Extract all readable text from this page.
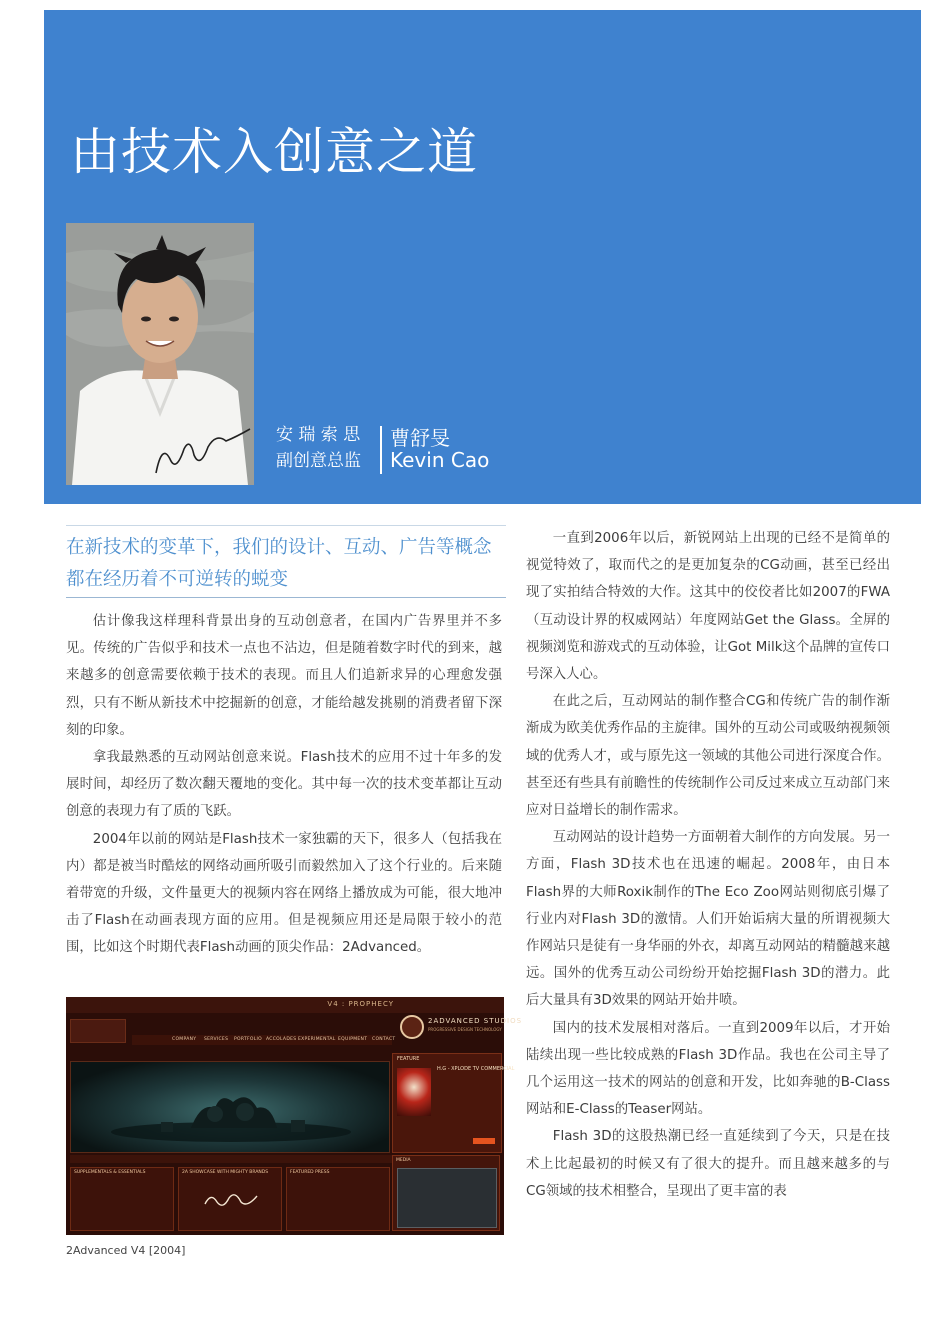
由技术入创意之道
安 瑞 索 思
副创意总监
曹舒旻
Kevin Cao
在新技术的变革下，我们的设计、互动、广告等概念都在经历着不可逆转的蜕变

估计像我这样理科背景出身的互动创意者，在国内广告界里并不多见。传统的广告似乎和技术一点也不沾边，但是随着数字时代的到来，越来越多的创意需要依赖于技术的表现。而且人们追新求异的心理愈发强烈，只有不断从新技术中挖掘新的创意，才能给越发挑剔的消费者留下深刻的印象。

拿我最熟悉的互动网站创意来说。Flash技术的应用不过十年多的发展时间，却经历了数次翻天覆地的变化。其中每一次的技术变革都让互动创意的表现力有了质的飞跃。

2004年以前的网站是Flash技术一家独霸的天下，很多人（包括我在内）都是被当时酷炫的网络动画所吸引而毅然加入了这个行业的。后来随着带宽的升级，文件量更大的视频内容在网络上播放成为可能，很大地冲击了Flash在动画表现方面的应用。但是视频应用还是局限于较小的范围，比如这个时期代表Flash动画的顶尖作品：2Advanced。

V4 : PROPHECY
2ADVANCED STUDIOS
PROGRESSIVE DESIGN TECHNOLOGY
COMPANY SERVICES PORTFOLIO ACCOLADES EXPERIMENTAL EQUIPMENT CONTACT
FEATURE
H.G - XPLODE TV COMMERCIAL
SUPPLEMENTALS & ESSENTIALS	2A SHOWCASE WITH MIGHTY BRANDS	FEATURED PRESS
MEDIA
2Advanced V4 [2004]

一直到2006年以后，新锐网站上出现的已经不是简单的视觉特效了，取而代之的是更加复杂的CG动画，甚至已经出现了实拍结合特效的大作。这其中的佼佼者比如2007的FWA（互动设计界的权威网站）年度网站Get the Glass。全屏的视频浏览和游戏式的互动体验，让Got Milk这个品牌的宣传口号深入人心。

在此之后，互动网站的制作整合CG和传统广告的制作渐渐成为欧美优秀作品的主旋律。国外的互动公司或吸纳视频领域的优秀人才，或与原先这一领域的其他公司进行深度合作。甚至还有些具有前瞻性的传统制作公司反过来成立互动部门来应对日益增长的制作需求。

互动网站的设计趋势一方面朝着大制作的方向发展。另一方面，Flash 3D技术也在迅速的崛起。2008年，由日本Flash界的大师Roxik制作的The Eco Zoo网站则彻底引爆了行业内对Flash 3D的激情。人们开始诟病大量的所谓视频大作网站只是徒有一身华丽的外衣，却离互动网站的精髓越来越远。国外的优秀互动公司纷纷开始挖掘Flash 3D的潜力。此后大量具有3D效果的网站开始井喷。

国内的技术发展相对落后。一直到2009年以后，才开始陆续出现一些比较成熟的Flash 3D作品。我也在公司主导了几个运用这一技术的网站的创意和开发，比如奔驰的B-Class网站和E-Class的Teaser网站。

Flash 3D的这股热潮已经一直延续到了今天，只是在技术上比起最初的时候又有了很大的提升。而且越来越多的与CG领域的技术相整合，呈现出了更丰富的表
